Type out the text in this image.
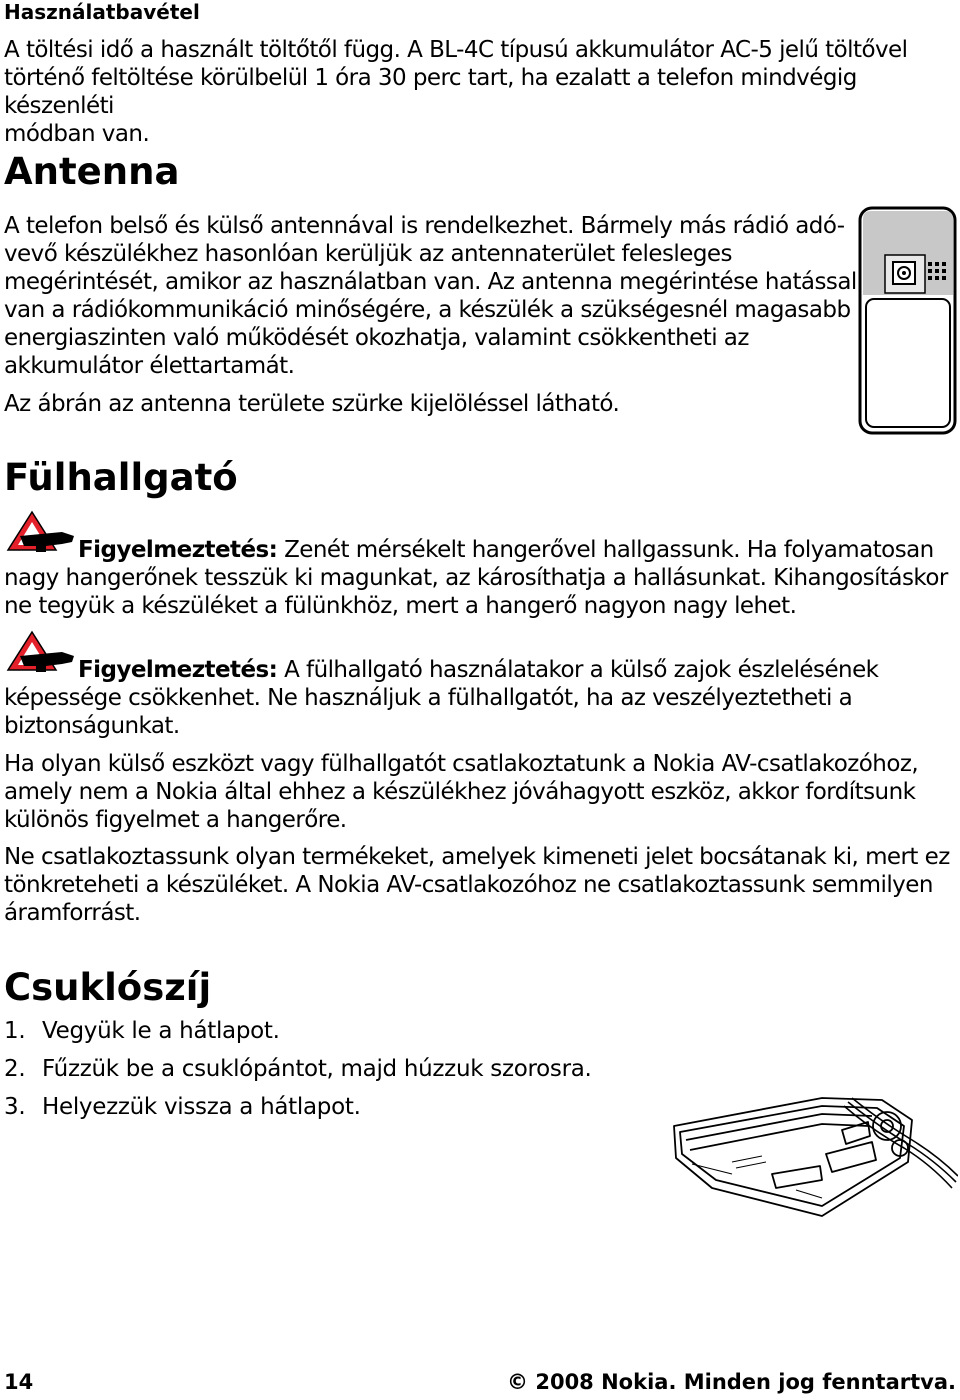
Használatbavétel
A töltési idő a használt töltőtől függ. A BL-4C típusú akkumulátor AC-5 jelű töltővel
történő feltöltése körülbelül 1 óra 30 perc tart, ha ezalatt a telefon mindvégig készenléti
módban van.
Antenna
A telefon belső és külső antennával is rendelkezhet. Bármely más rádió adó-
vevő készülékhez hasonlóan kerüljük az antennaterület felesleges
megérintését, amikor az használatban van. Az antenna megérintése hatással
van a rádiókommunikáció minőségére, a készülék a szükségesnél magasabb
energiaszinten való működését okozhatja, valamint csökkentheti az
akkumulátor élettartamát.
Az ábrán az antenna területe szürke kijelöléssel látható.
Fülhallgató
Figyelmeztetés: Zenét mérsékelt hangerővel hallgassunk. Ha folyamatosan
nagy hangerőnek tesszük ki magunkat, az károsíthatja a hallásunkat. Kihangosításkor
ne tegyük a készüléket a fülünkhöz, mert a hangerő nagyon nagy lehet.
Figyelmeztetés: A fülhallgató használatakor a külső zajok észlelésének
képessége csökkenhet. Ne használjuk a fülhallgatót, ha az veszélyeztetheti a
biztonságunkat.
Ha olyan külső eszközt vagy fülhallgatót csatlakoztatunk a Nokia AV-csatlakozóhoz,
amely nem a Nokia által ehhez a készülékhez jóváhagyott eszköz, akkor fordítsunk
különös figyelmet a hangerőre.
Ne csatlakoztassunk olyan termékeket, amelyek kimeneti jelet bocsátanak ki, mert ez
tönkreteheti a készüléket. A Nokia AV-csatlakozóhoz ne csatlakoztassunk semmilyen
áramforrást.
Csuklószíj
1. Vegyük le a hátlapot.
2. Fűzzük be a csuklópántot, majd húzzuk szorosra.
3. Helyezzük vissza a hátlapot.
14	© 2008 Nokia. Minden jog fenntartva.
